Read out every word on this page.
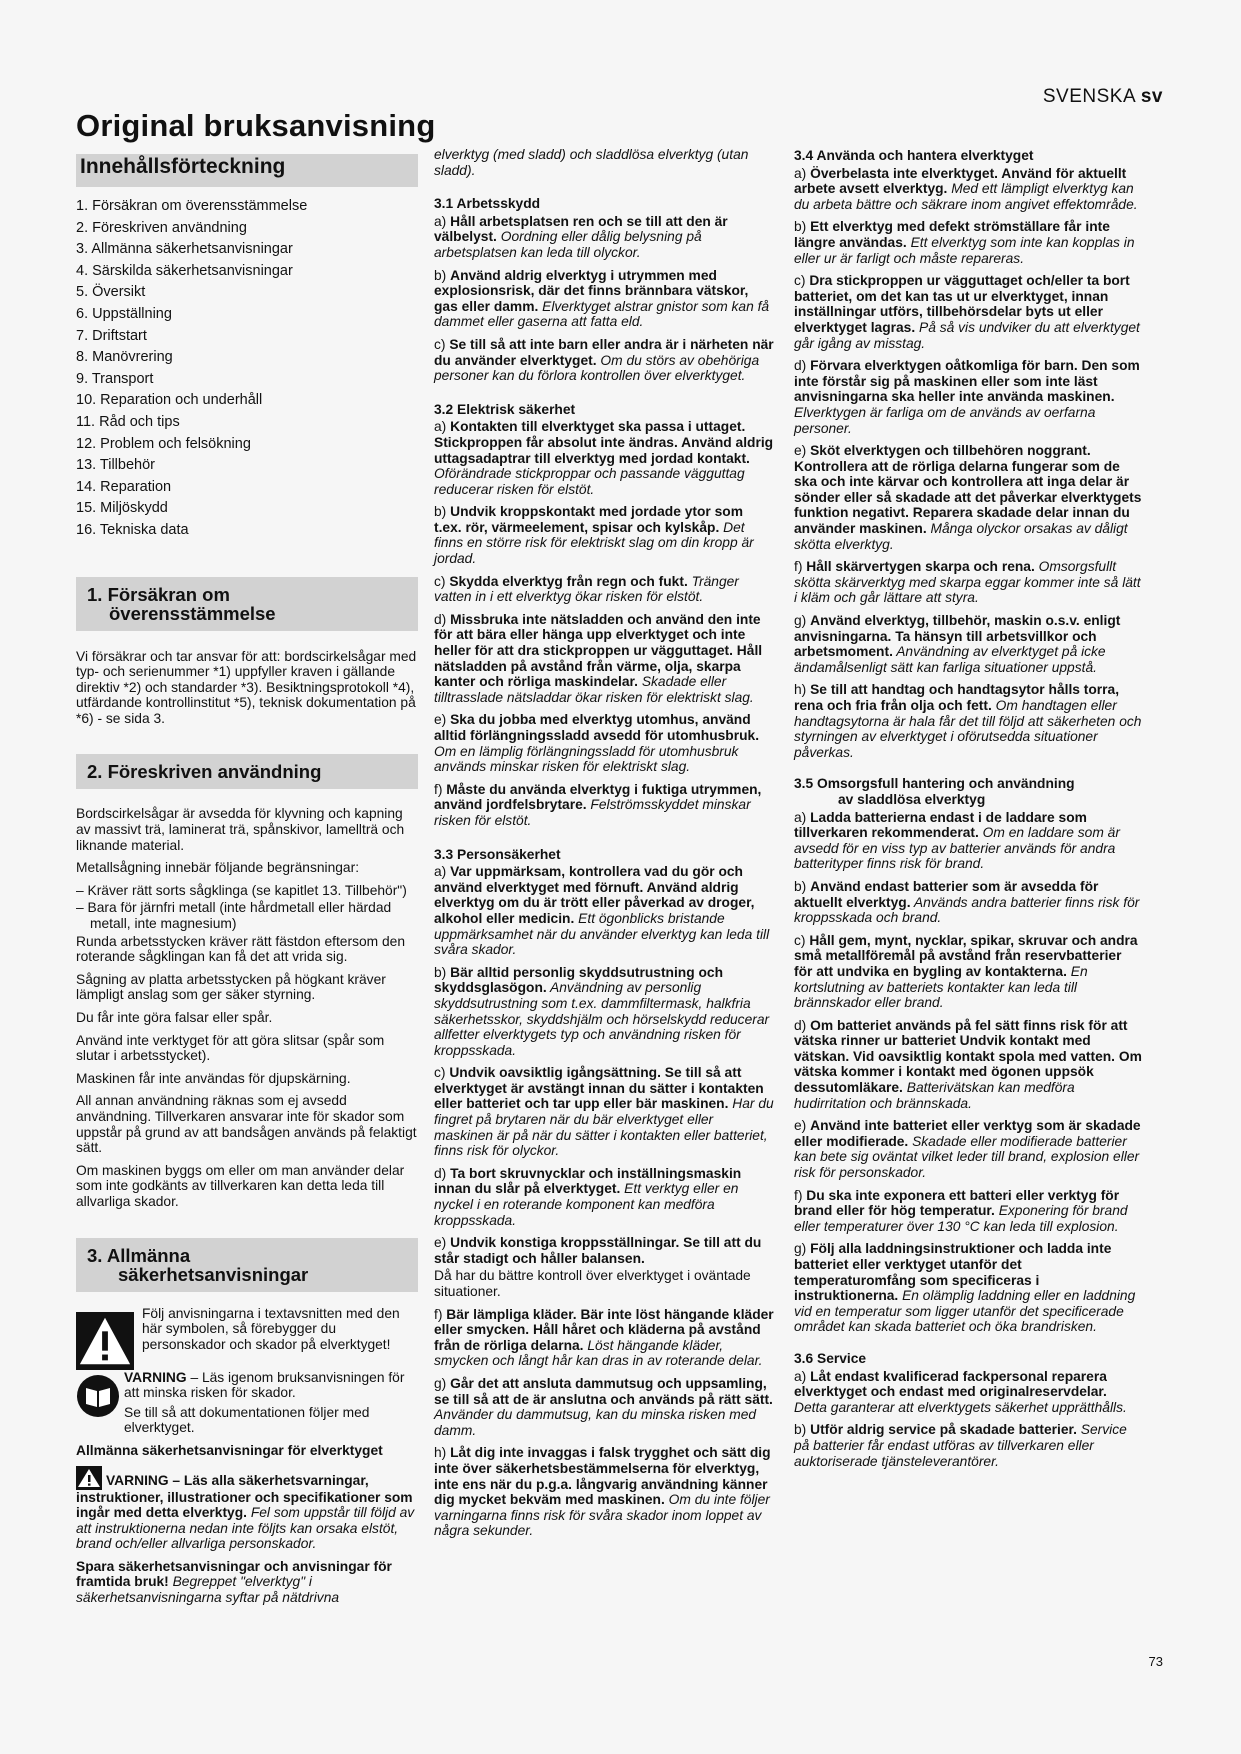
SVENSKA sv
Original bruksanvisning
Innehållsförteckning
1. Försäkran om överensstämmelse
2. Föreskriven användning
3. Allmänna säkerhetsanvisningar
4. Särskilda säkerhetsanvisningar
5. Översikt
6. Uppställning
7. Driftstart
8. Manövrering
9. Transport
10. Reparation och underhåll
11. Råd och tips
12. Problem och felsökning
13. Tillbehör
14. Reparation
15. Miljöskydd
16. Tekniska data
1. Försäkran om
överensstämmelse

Vi försäkrar och tar ansvar för att: bordscirkelsågar med typ- och serienummer *1) uppfyller kraven i gällande direktiv *2) och standarder *3). Besiktningsprotokoll *4), utfärdande kontrollinstitut *5), teknisk dokumentation på *6) - se sida 3.

2. Föreskriven användning

Bordscirkelsågar är avsedda för klyvning och kapning av massivt trä, laminerat trä, spånskivor, lamellträ och liknande material.

Metallsågning innebär följande begränsningar:

– Kräver rätt sorts sågklinga (se kapitlet 13. Tillbehör")

– Bara för järnfri metall (inte hårdmetall eller härdad metall, inte magnesium)

Runda arbetsstycken kräver rätt fästdon eftersom den roterande sågklingan kan få det att vrida sig.

Sågning av platta arbetsstycken på högkant kräver lämpligt anslag som ger säker styrning.

Du får inte göra falsar eller spår.

Använd inte verktyget för att göra slitsar (spår som slutar i arbetsstycket).

Maskinen får inte användas för djupskärning.

All annan användning räknas som ej avsedd användning. Tillverkaren ansvarar inte för skador som uppstår på grund av att bandsågen används på felaktigt sätt.

Om maskinen byggs om eller om man använder delar som inte godkänts av tillverkaren kan detta leda till allvarliga skador.

3. Allmänna
säkerhetsanvisningar

Följ anvisningarna i textavsnitten med den här symbolen, så förebygger du personskador och skador på elverktyget!

VARNING – Läs igenom bruksanvisningen för att minska risken för skador.

Se till så att dokumentationen följer med elverktyget.

Allmänna säkerhetsanvisningar för elverktyget

VARNING – Läs alla säkerhetsvarningar, instruktioner, illustrationer och specifikationer som ingår med detta elverktyg. Fel som uppstår till följd av att instruktionerna nedan inte följts kan orsaka elstöt, brand och/eller allvarliga personskador.

Spara säkerhetsanvisningar och anvisningar för framtida bruk! Begreppet "elverktyg" i säkerhetsanvisningarna syftar på nätdrivna

elverktyg (med sladd) och sladdlösa elverktyg (utan sladd).

3.1 Arbetsskydd

a) Håll arbetsplatsen ren och se till att den är välbelyst. Oordning eller dålig belysning på arbetsplatsen kan leda till olyckor.

b) Använd aldrig elverktyg i utrymmen med explosionsrisk, där det finns brännbara vätskor, gas eller damm. Elverktyget alstrar gnistor som kan få dammet eller gaserna att fatta eld.

c) Se till så att inte barn eller andra är i närheten när du använder elverktyget. Om du störs av obehöriga personer kan du förlora kontrollen över elverktyget.

3.2 Elektrisk säkerhet

a) Kontakten till elverktyget ska passa i uttaget. Stickproppen får absolut inte ändras. Använd aldrig uttagsadaptrar till elverktyg med jordad kontakt. Oförändrade stickproppar och passande vägguttag reducerar risken för elstöt.

b) Undvik kroppskontakt med jordade ytor som t.ex. rör, värmeelement, spisar och kylskåp. Det finns en större risk för elektriskt slag om din kropp är jordad.

c) Skydda elverktyg från regn och fukt. Tränger vatten in i ett elverktyg ökar risken för elstöt.

d) Missbruka inte nätsladden och använd den inte för att bära eller hänga upp elverktyget och inte heller för att dra stickproppen ur vägguttaget. Håll nätsladden på avstånd från värme, olja, skarpa kanter och rörliga maskindelar. Skadade eller tilltrasslade nätsladdar ökar risken för elektriskt slag.

e) Ska du jobba med elverktyg utomhus, använd alltid förlängningssladd avsedd för utomhusbruk. Om en lämplig förlängningssladd för utomhusbruk används minskar risken för elektriskt slag.

f) Måste du använda elverktyg i fuktiga utrymmen, använd jordfelsbrytare. Felströmsskyddet minskar risken för elstöt.

3.3 Personsäkerhet

a) Var uppmärksam, kontrollera vad du gör och använd elverktyget med förnuft. Använd aldrig elverktyg om du är trött eller påverkad av droger, alkohol eller medicin. Ett ögonblicks bristande uppmärksamhet när du använder elverktyg kan leda till svåra skador.

b) Bär alltid personlig skyddsutrustning och skyddsglasögon. Användning av personlig skyddsutrustning som t.ex. dammfiltermask, halkfria säkerhetsskor, skyddshjälm och hörselskydd reducerar allfetter elverktygets typ och användning risken för kroppsskada.

c) Undvik oavsiktlig igångsättning. Se till så att elverktyget är avstängt innan du sätter i kontakten eller batteriet och tar upp eller bär maskinen. Har du fingret på brytaren när du bär elverktyget eller maskinen är på när du sätter i kontakten eller batteriet, finns risk för olyckor.

d) Ta bort skruvnycklar och inställningsmaskin innan du slår på elverktyget. Ett verktyg eller en nyckel i en roterande komponent kan medföra kroppsskada.

e) Undvik konstiga kroppsställningar. Se till att du står stadigt och håller balansen.

Då har du bättre kontroll över elverktyget i oväntade situationer.

f) Bär lämpliga kläder. Bär inte löst hängande kläder eller smycken. Håll håret och kläderna på avstånd från de rörliga delarna. Löst hängande kläder, smycken och långt hår kan dras in av roterande delar.

g) Går det att ansluta dammutsug och uppsamling, se till så att de är anslutna och används på rätt sätt. Använder du dammutsug, kan du minska risken med damm.

h) Låt dig inte invaggas i falsk trygghet och sätt dig inte över säkerhetsbestämmelserna för elverktyg, inte ens när du p.g.a. långvarig användning känner dig mycket bekväm med maskinen. Om du inte följer varningarna finns risk för svåra skador inom loppet av några sekunder.

3.4 Använda och hantera elverktyget

a) Överbelasta inte elverktyget. Använd för aktuellt arbete avsett elverktyg. Med ett lämpligt elverktyg kan du arbeta bättre och säkrare inom angivet effektområde.

b) Ett elverktyg med defekt strömställare får inte längre användas. Ett elverktyg som inte kan kopplas in eller ur är farligt och måste repareras.

c) Dra stickproppen ur vägguttaget och/eller ta bort batteriet, om det kan tas ut ur elverktyget, innan inställningar utförs, tillbehörsdelar byts ut eller elverktyget lagras. På så vis undviker du att elverktyget går igång av misstag.

d) Förvara elverktygen oåtkomliga för barn. Den som inte förstår sig på maskinen eller som inte läst anvisningarna ska heller inte använda maskinen. Elverktygen är farliga om de används av oerfarna personer.

e) Sköt elverktygen och tillbehören noggrant. Kontrollera att de rörliga delarna fungerar som de ska och inte kärvar och kontrollera att inga delar är sönder eller så skadade att det påverkar elverktygets funktion negativt. Reparera skadade delar innan du använder maskinen. Många olyckor orsakas av dåligt skötta elverktyg.

f) Håll skärvertygen skarpa och rena. Omsorgsfullt skötta skärverktyg med skarpa eggar kommer inte så lätt i kläm och går lättare att styra.

g) Använd elverktyg, tillbehör, maskin o.s.v. enligt anvisningarna. Ta hänsyn till arbetsvillkor och arbetsmoment. Användning av elverktyget på icke ändamålsenligt sätt kan farliga situationer uppstå.

h) Se till att handtag och handtagsytor hålls torra, rena och fria från olja och fett. Om handtagen eller handtagsytorna är hala får det till följd att säkerheten och styrningen av elverktyget i oförutsedda situationer påverkas.

3.5 Omsorgsfull hantering och användning

av sladdlösa elverktyg

a) Ladda batterierna endast i de laddare som tillverkaren rekommenderat. Om en laddare som är avsedd för en viss typ av batterier används för andra batterityper finns risk för brand.

b) Använd endast batterier som är avsedda för aktuellt elverktyg. Används andra batterier finns risk för kroppsskada och brand.

c) Håll gem, mynt, nycklar, spikar, skruvar och andra små metallföremål på avstånd från reservbatterier för att undvika en bygling av kontakterna. En kortslutning av batteriets kontakter kan leda till brännskador eller brand.

d) Om batteriet används på fel sätt finns risk för att vätska rinner ur batteriet Undvik kontakt med vätskan. Vid oavsiktlig kontakt spola med vatten. Om vätska kommer i kontakt med ögonen uppsök dessutomläkare. Batterivätskan kan medföra hudirritation och brännskada.

e) Använd inte batteriet eller verktyg som är skadade eller modifierade. Skadade eller modifierade batterier kan bete sig oväntat vilket leder till brand, explosion eller risk för personskador.

f) Du ska inte exponera ett batteri eller verktyg för brand eller för hög temperatur. Exponering för brand eller temperaturer över 130 °C kan leda till explosion.

g) Följ alla laddningsinstruktioner och ladda inte batteriet eller verktyget utanför det temperaturomfång som specificeras i instruktionerna. En olämplig laddning eller en laddning vid en temperatur som ligger utanför det specificerade området kan skada batteriet och öka brandrisken.

3.6 Service

a) Låt endast kvalificerad fackpersonal reparera elverktyget och endast med originalreservdelar. Detta garanterar att elverktygets säkerhet upprätthålls.

b) Utför aldrig service på skadade batterier. Service på batterier får endast utföras av tillverkaren eller auktoriserade tjänsteleverantörer.

73
